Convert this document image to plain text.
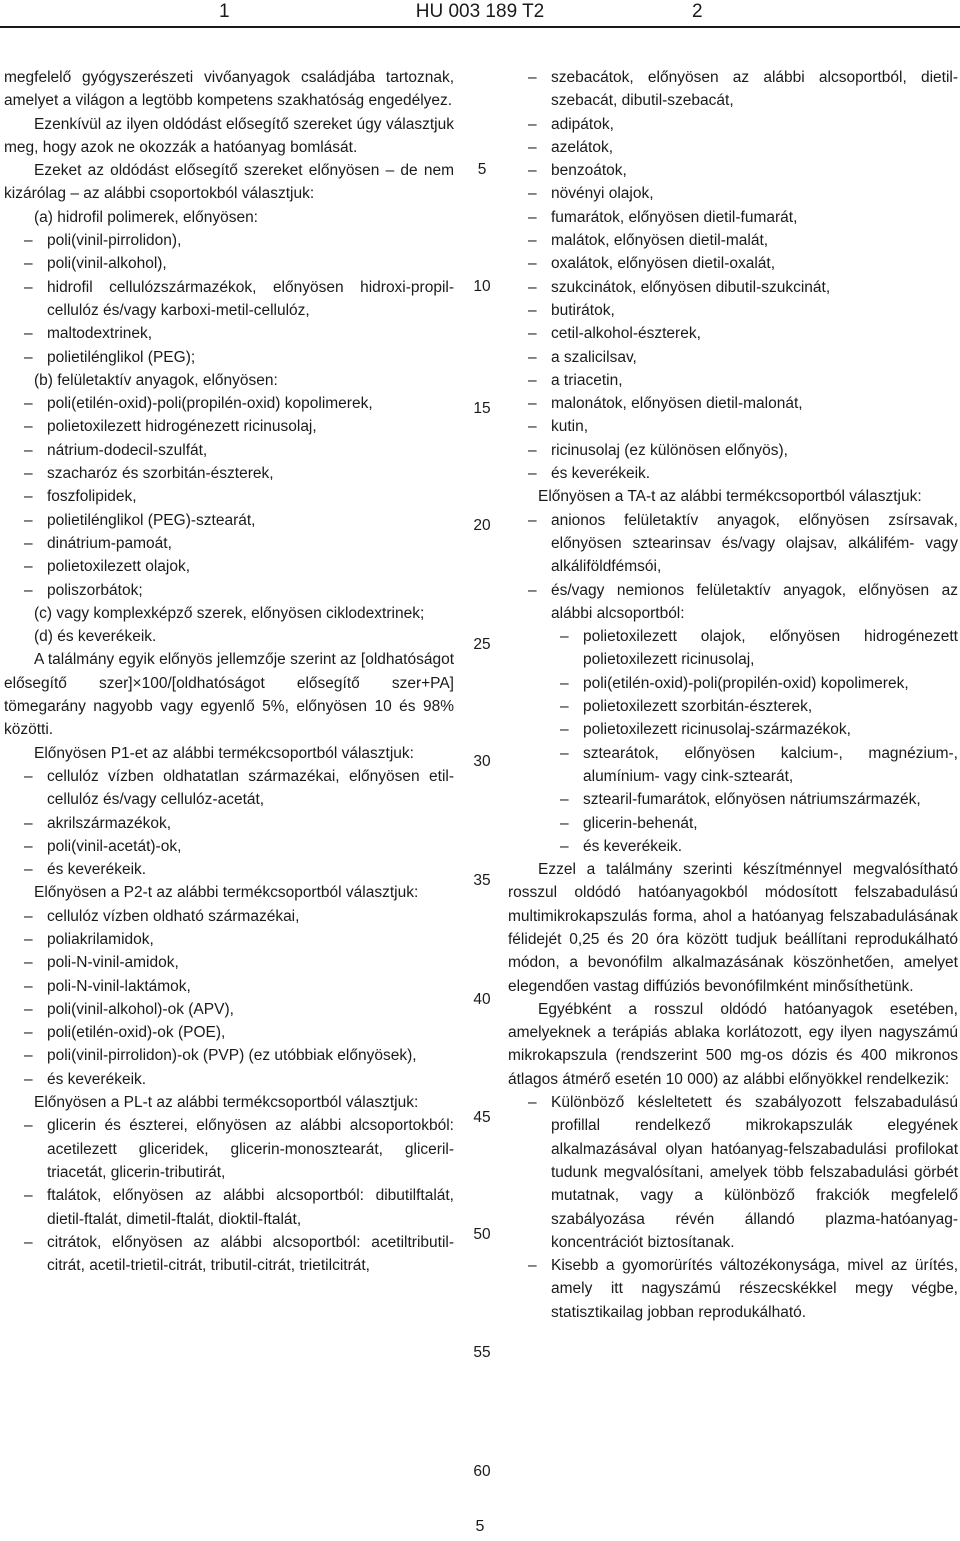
1	HU 003 189 T2	2

megfelelő gyógyszerészeti vivőanyagok családjába tartoznak, amelyet a világon a legtöbb kompetens szakhatóság engedélyez.

Ezenkívül az ilyen oldódást elősegítő szereket úgy választjuk meg, hogy azok ne okozzák a hatóanyag bomlását.

Ezeket az oldódást elősegítő szereket előnyösen – de nem kizárólag – az alábbi csoportokból választjuk:

(a) hidrofil polimerek, előnyösen:

– poli(vinil-pirrolidon),

– poli(vinil-alkohol),

– hidrofil cellulózszármazékok, előnyösen hidroxi-propil-cellulóz és/vagy karboxi-metil-cellulóz,

– maltodextrinek,

– polietilénglikol (PEG);

(b) felületaktív anyagok, előnyösen:

– poli(etilén-oxid)-poli(propilén-oxid) kopolimerek,

– polietoxilezett hidrogénezett ricinusolaj,

– nátrium-dodecil-szulfát,

– szacharóz és szorbitán-észterek,

– foszfolipidek,

– polietilénglikol (PEG)-sztearát,

– dinátrium-pamoát,

– polietoxilezett olajok,

– poliszorbátok;

(c) vagy komplexképző szerek, előnyösen ciklodextrinek;

(d) és keverékeik.

A találmány egyik előnyös jellemzője szerint az [oldhatóságot elősegítő szer]×100/[oldhatóságot elősegítő szer+PA] tömegarány nagyobb vagy egyenlő 5%, előnyösen 10 és 98% közötti.

Előnyösen P1-et az alábbi termékcsoportból választjuk:

– cellulóz vízben oldhatatlan származékai, előnyösen etil-cellulóz és/vagy cellulóz-acetát,

– akrilszármazékok,

– poli(vinil-acetát)-ok,

– és keverékeik.

Előnyösen a P2-t az alábbi termékcsoportból választjuk:

– cellulóz vízben oldható származékai,

– poliakrilamidok,

– poli-N-vinil-amidok,

– poli-N-vinil-laktámok,

– poli(vinil-alkohol)-ok (APV),

– poli(etilén-oxid)-ok (POE),

– poli(vinil-pirrolidon)-ok (PVP) (ez utóbbiak előnyösek),

– és keverékeik.

Előnyösen a PL-t az alábbi termékcsoportból választjuk:

– glicerin és észterei, előnyösen az alábbi alcsoportokból: acetilezett gliceridek, glicerin-monosztearát, gliceril-triacetát, glicerin-tributirát,

– ftalátok, előnyösen az alábbi alcsoportból: dibutilftalát, dietil-ftalát, dimetil-ftalát, dioktil-ftalát,

– citrátok, előnyösen az alábbi alcsoportból: acetiltributil-citrát, acetil-trietil-citrát, tributil-citrát, trietilcitrát,

5
10
15
20
25
30
35
40
45
50
55
60

– szebacátok, előnyösen az alábbi alcsoportból, dietil-szebacát, dibutil-szebacát,

– adipátok,

– azelátok,

– benzoátok,

– növényi olajok,

– fumarátok, előnyösen dietil-fumarát,

– malátok, előnyösen dietil-malát,

– oxalátok, előnyösen dietil-oxalát,

– szukcinátok, előnyösen dibutil-szukcinát,

– butirátok,

– cetil-alkohol-észterek,

– a szalicilsav,

– a triacetin,

– malonátok, előnyösen dietil-malonát,

– kutin,

– ricinusolaj (ez különösen előnyös),

– és keverékeik.

Előnyösen a TA-t az alábbi termékcsoportból választjuk:

– anionos felületaktív anyagok, előnyösen zsírsavak, előnyösen sztearinsav és/vagy olajsav, alkálifém- vagy alkáliföldfémsói,

– és/vagy nemionos felületaktív anyagok, előnyösen az alábbi alcsoportból:

– polietoxilezett olajok, előnyösen hidrogénezett polietoxilezett ricinusolaj,

– poli(etilén-oxid)-poli(propilén-oxid) kopolimerek,

– polietoxilezett szorbitán-észterek,

– polietoxilezett ricinusolaj-származékok,

– sztearátok, előnyösen kalcium-, magnézium-, alumínium- vagy cink-sztearát,

– sztearil-fumarátok, előnyösen nátriumszármazék,

– glicerin-behenát,

– és keverékeik.

Ezzel a találmány szerinti készítménnyel megvalósítható rosszul oldódó hatóanyagokból módosított felszabadulású multimikrokapszulás forma, ahol a hatóanyag felszabadulásának félidejét 0,25 és 20 óra között tudjuk beállítani reprodukálható módon, a bevonófilm alkalmazásának köszönhetően, amelyet elegendően vastag diffúziós bevonófilmként minősíthetünk.

Egyébként a rosszul oldódó hatóanyagok esetében, amelyeknek a terápiás ablaka korlátozott, egy ilyen nagyszámú mikrokapszula (rendszerint 500 mg-os dózis és 400 mikronos átlagos átmérő esetén 10 000) az alábbi előnyökkel rendelkezik:

– Különböző késleltetett és szabályozott felszabadulású profillal rendelkező mikrokapszulák elegyének alkalmazásával olyan hatóanyag-felszabadulási profilokat tudunk megvalósítani, amelyek több felszabadulási görbét mutatnak, vagy a különböző frakciók megfelelő szabályozása révén állandó plazma-hatóanyag-koncentrációt biztosítanak.

– Kisebb a gyomorürítés változékonysága, mivel az ürítés, amely itt nagyszámú részecskékkel megy végbe, statisztikailag jobban reprodukálható.

5
